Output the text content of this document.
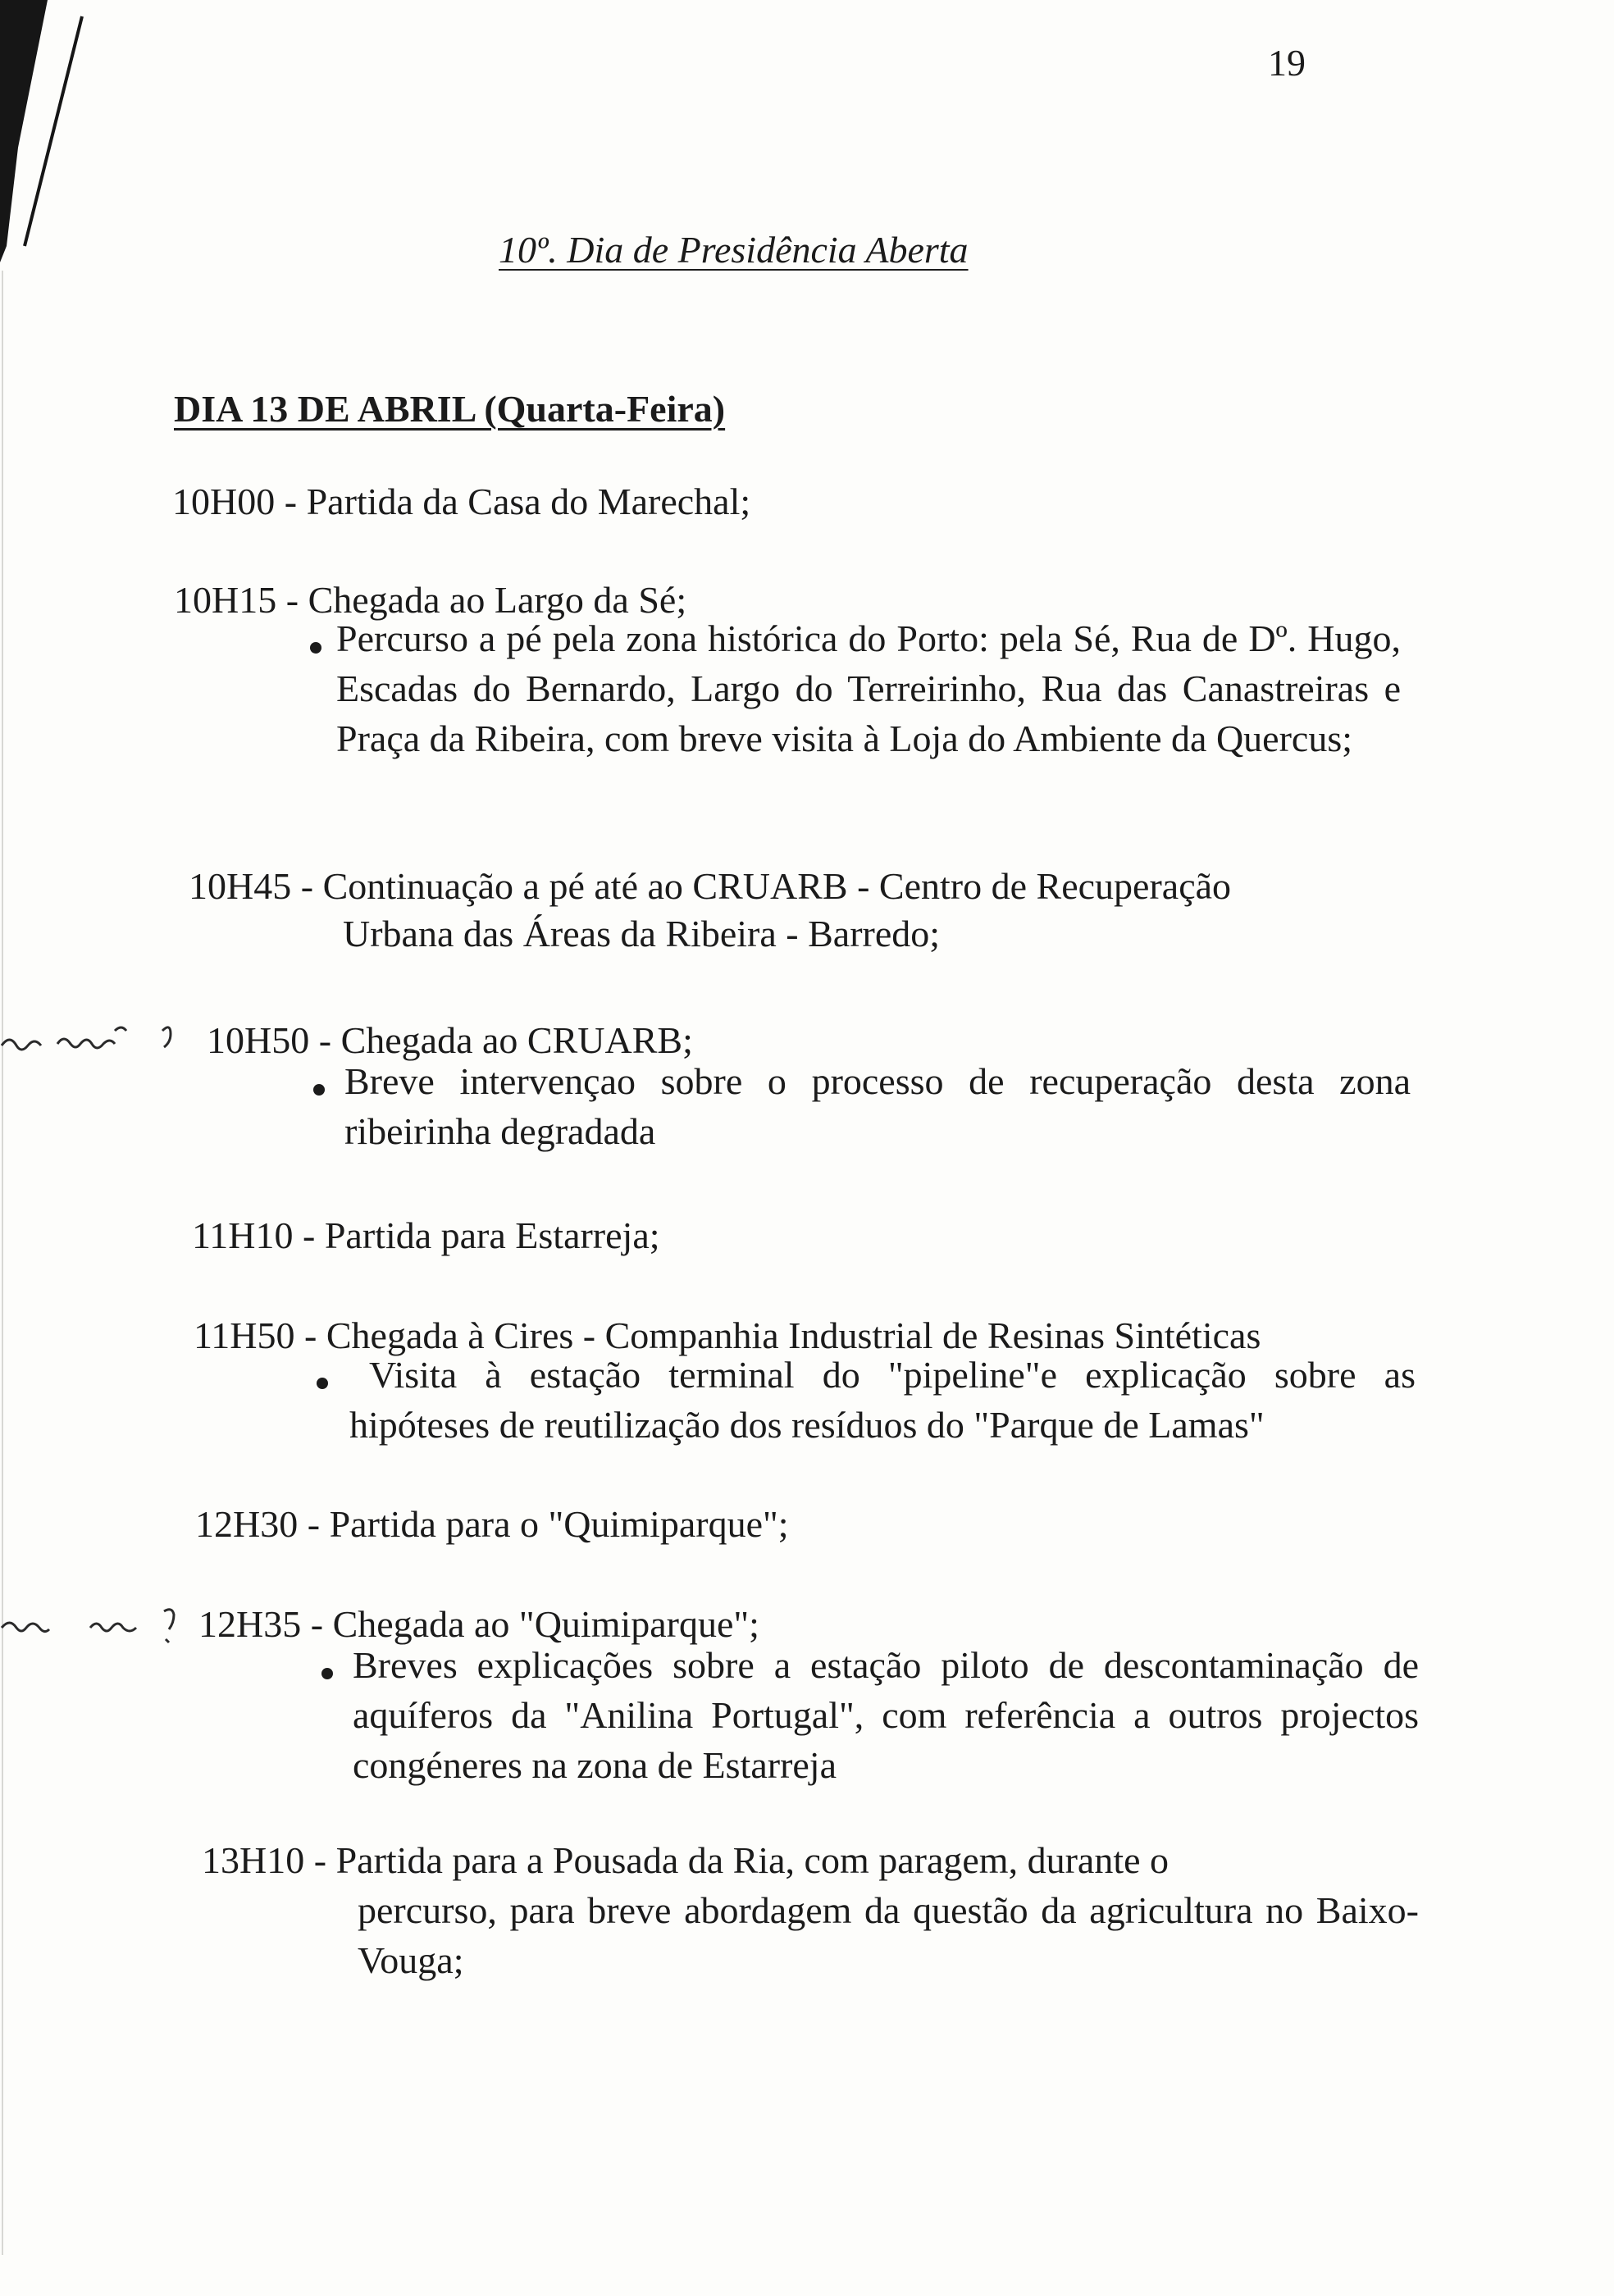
19
10º. Dia de Presidência Aberta
DIA 13 DE ABRIL (Quarta-Feira)
10H00 - Partida da Casa do Marechal;
10H15 - Chegada ao Largo da Sé;
Percurso a pé pela zona histórica do Porto: pela Sé, Rua de Dº. Hugo, Escadas do Bernardo, Largo do Terreirinho, Rua das Canastreiras e Praça da Ribeira, com breve visita à Loja do Ambiente da Quercus;
10H45 - Continuação a pé até ao CRUARB - Centro de Recuperação
Urbana das Áreas da Ribeira - Barredo;
10H50 - Chegada ao CRUARB;
Breve intervençao sobre o processo de recuperação desta zona ribeirinha degradada
11H10 - Partida para Estarreja;
11H50 - Chegada à Cires - Companhia Industrial de Resinas Sintéticas
Visita à estação terminal do "pipeline"e explicação sobre as hipóteses de reutilização dos resíduos do "Parque de Lamas"
12H30 - Partida para o "Quimiparque";
12H35 - Chegada ao "Quimiparque";
Breves explicações sobre a estação piloto de descontaminação de aquíferos da "Anilina Portugal", com referência a outros projectos congéneres na zona de Estarreja
13H10 - Partida para a Pousada da Ria, com paragem, durante o
percurso, para breve abordagem da questão da agricultura no Baixo-Vouga;
